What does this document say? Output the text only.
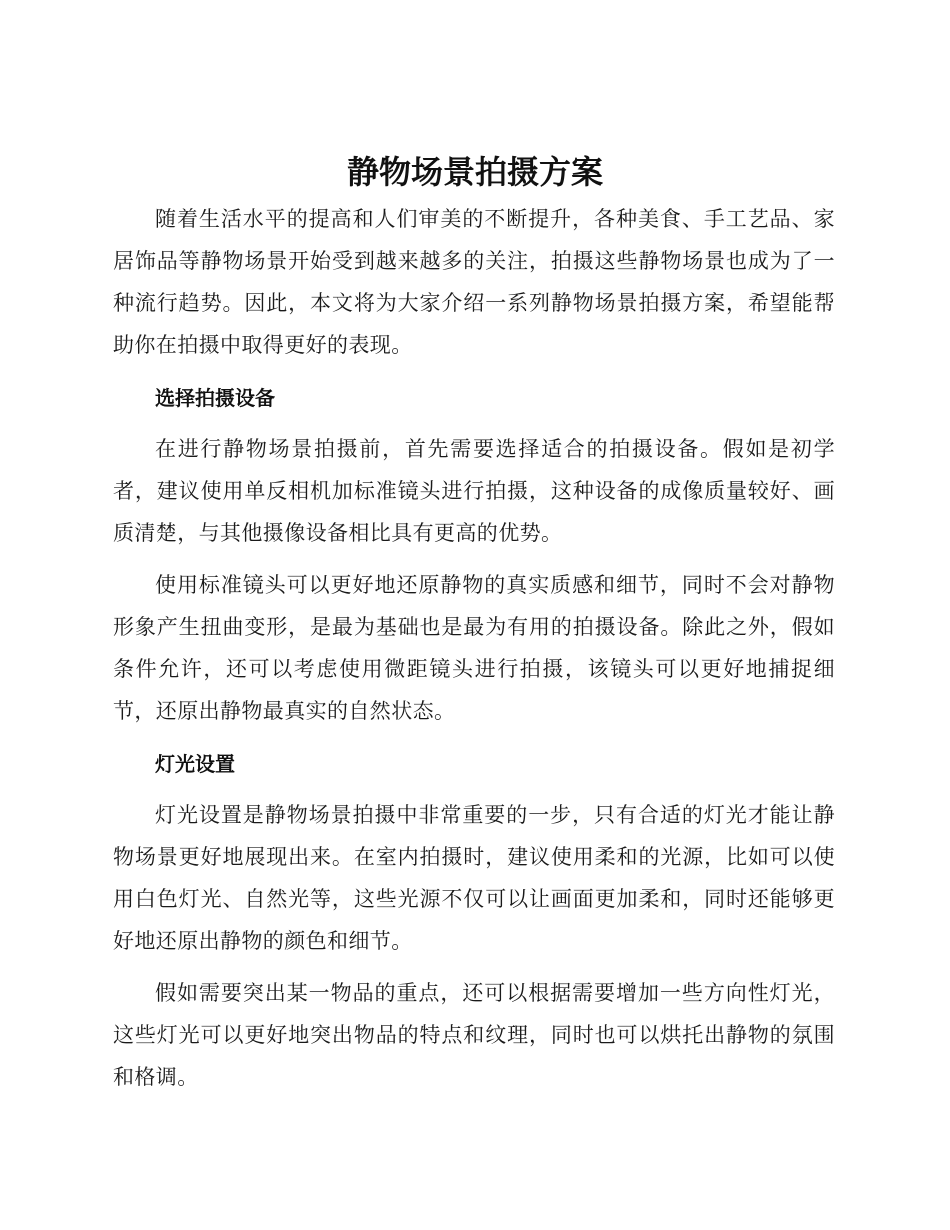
静物场景拍摄方案

随着生活水平的提高和人们审美的不断提升，各种美食、手工艺品、家居饰品等静物场景开始受到越来越多的关注，拍摄这些静物场景也成为了一种流行趋势。因此，本文将为大家介绍一系列静物场景拍摄方案，希望能帮助你在拍摄中取得更好的表现。

选择拍摄设备

在进行静物场景拍摄前，首先需要选择适合的拍摄设备。假如是初学者，建议使用单反相机加标准镜头进行拍摄，这种设备的成像质量较好、画质清楚，与其他摄像设备相比具有更高的优势。

使用标准镜头可以更好地还原静物的真实质感和细节，同时不会对静物形象产生扭曲变形，是最为基础也是最为有用的拍摄设备。除此之外，假如条件允许，还可以考虑使用微距镜头进行拍摄，该镜头可以更好地捕捉细节，还原出静物最真实的自然状态。

灯光设置

灯光设置是静物场景拍摄中非常重要的一步，只有合适的灯光才能让静物场景更好地展现出来。在室内拍摄时，建议使用柔和的光源，比如可以使用白色灯光、自然光等，这些光源不仅可以让画面更加柔和，同时还能够更好地还原出静物的颜色和细节。

假如需要突出某一物品的重点，还可以根据需要增加一些方向性灯光，这些灯光可以更好地突出物品的特点和纹理，同时也可以烘托出静物的氛围和格调。
